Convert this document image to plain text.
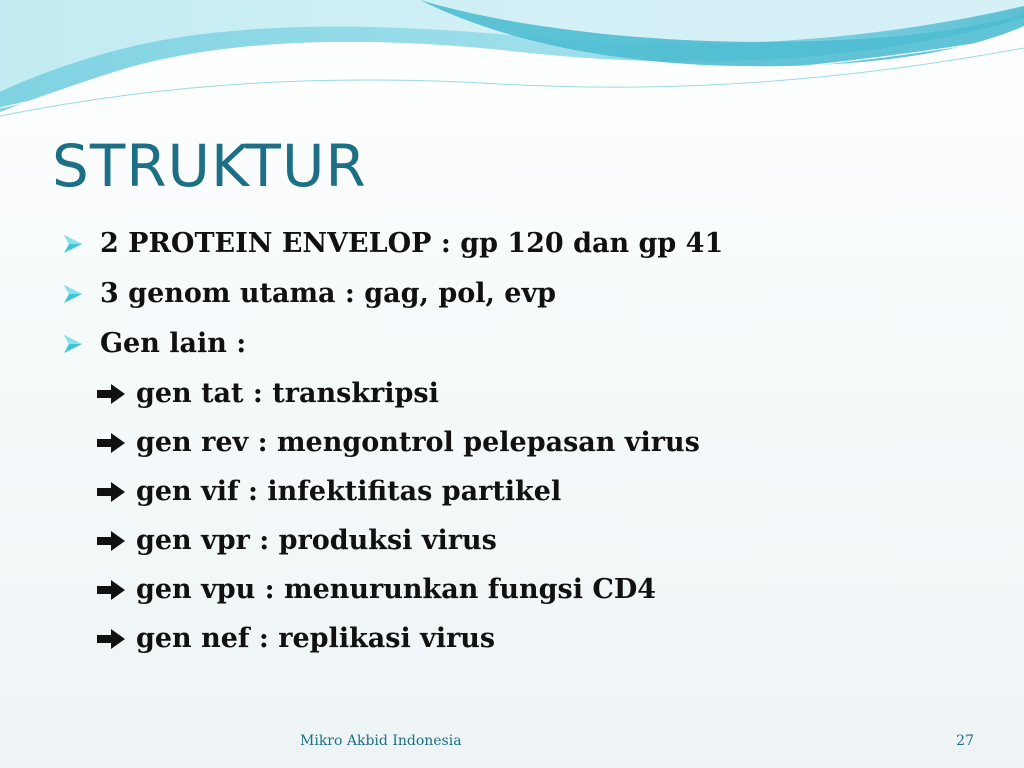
STRUKTUR
2 PROTEIN ENVELOP : gp 120 dan gp 41
3 genom utama : gag, pol, evp
Gen lain :
gen tat : transkripsi
gen rev : mengontrol pelepasan virus
gen vif : infektifitas partikel
gen vpr : produksi virus
gen vpu : menurunkan fungsi CD4
gen nef : replikasi virus
Mikro Akbid Indonesia	27
